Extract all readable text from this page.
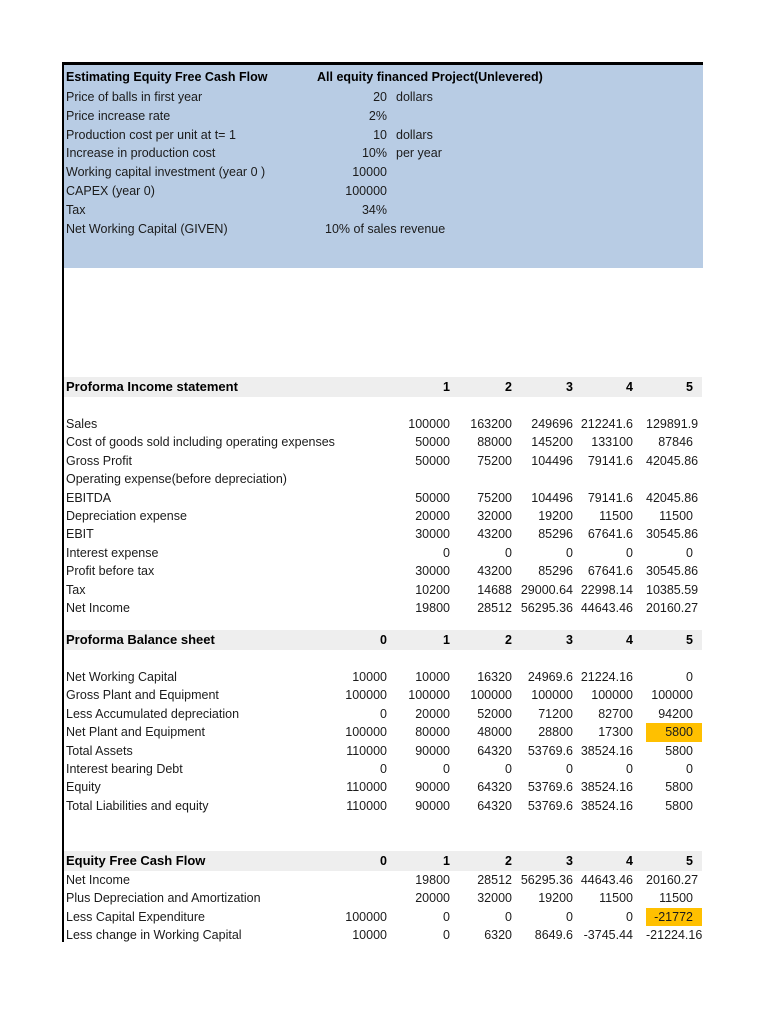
Estimating Equity Free Cash Flow	All equity financed Project(Unlevered)
Price of balls in first year	20 dollars
Price increase rate	2%
Production cost per unit at t= 1	10 dollars
Increase in production cost	10% per year
Working capital investment (year 0 )	10000
CAPEX (year 0)	100000
Tax	34%
Net Working Capital (GIVEN)	10% of sales revenue
Proforma Income statement	1	2	3	4	5
Sales	100000	163200	249696 212241.6	129891.9
Cost of goods sold including operating expenses	50000	88000	145200	133100	87846
Gross Profit	50000	75200	104496	79141.6	42045.86
Operating expense(before depreciation)
EBITDA	50000	75200	104496	79141.6	42045.86
Depreciation expense	20000	32000	19200	11500	11500
EBIT	30000	43200	85296	67641.6	30545.86
Interest expense	0	0	0	0	0
Profit before tax	30000	43200	85296	67641.6	30545.86
Tax	10200	14688 29000.64 22998.14	10385.59
Net Income	19800	28512 56295.36 44643.46	20160.27
Proforma Balance sheet	0	1	2	3	4	5
Net Working Capital	10000	10000	16320	24969.6 21224.16	0
Gross Plant and Equipment	100000	100000	100000	100000	100000	100000
Less Accumulated depreciation	0	20000	52000	71200	82700	94200
Net Plant and Equipment	100000	80000	48000	28800	17300	5800
Total Assets	110000	90000	64320	53769.6 38524.16	5800
Interest bearing Debt	0	0	0	0	0	0
Equity	110000	90000	64320	53769.6 38524.16	5800
Total Liabilities and equity	110000	90000	64320	53769.6 38524.16	5800
Equity Free Cash Flow	0	1	2	3	4	5
Net Income	19800	28512 56295.36 44643.46	20160.27
Plus Depreciation and Amortization	20000	32000	19200	11500	11500
Less Capital Expenditure	100000	0	0	0	0	-21772
Less change in Working Capital	10000	0	6320	8649.6 -3745.44	-21224.16
